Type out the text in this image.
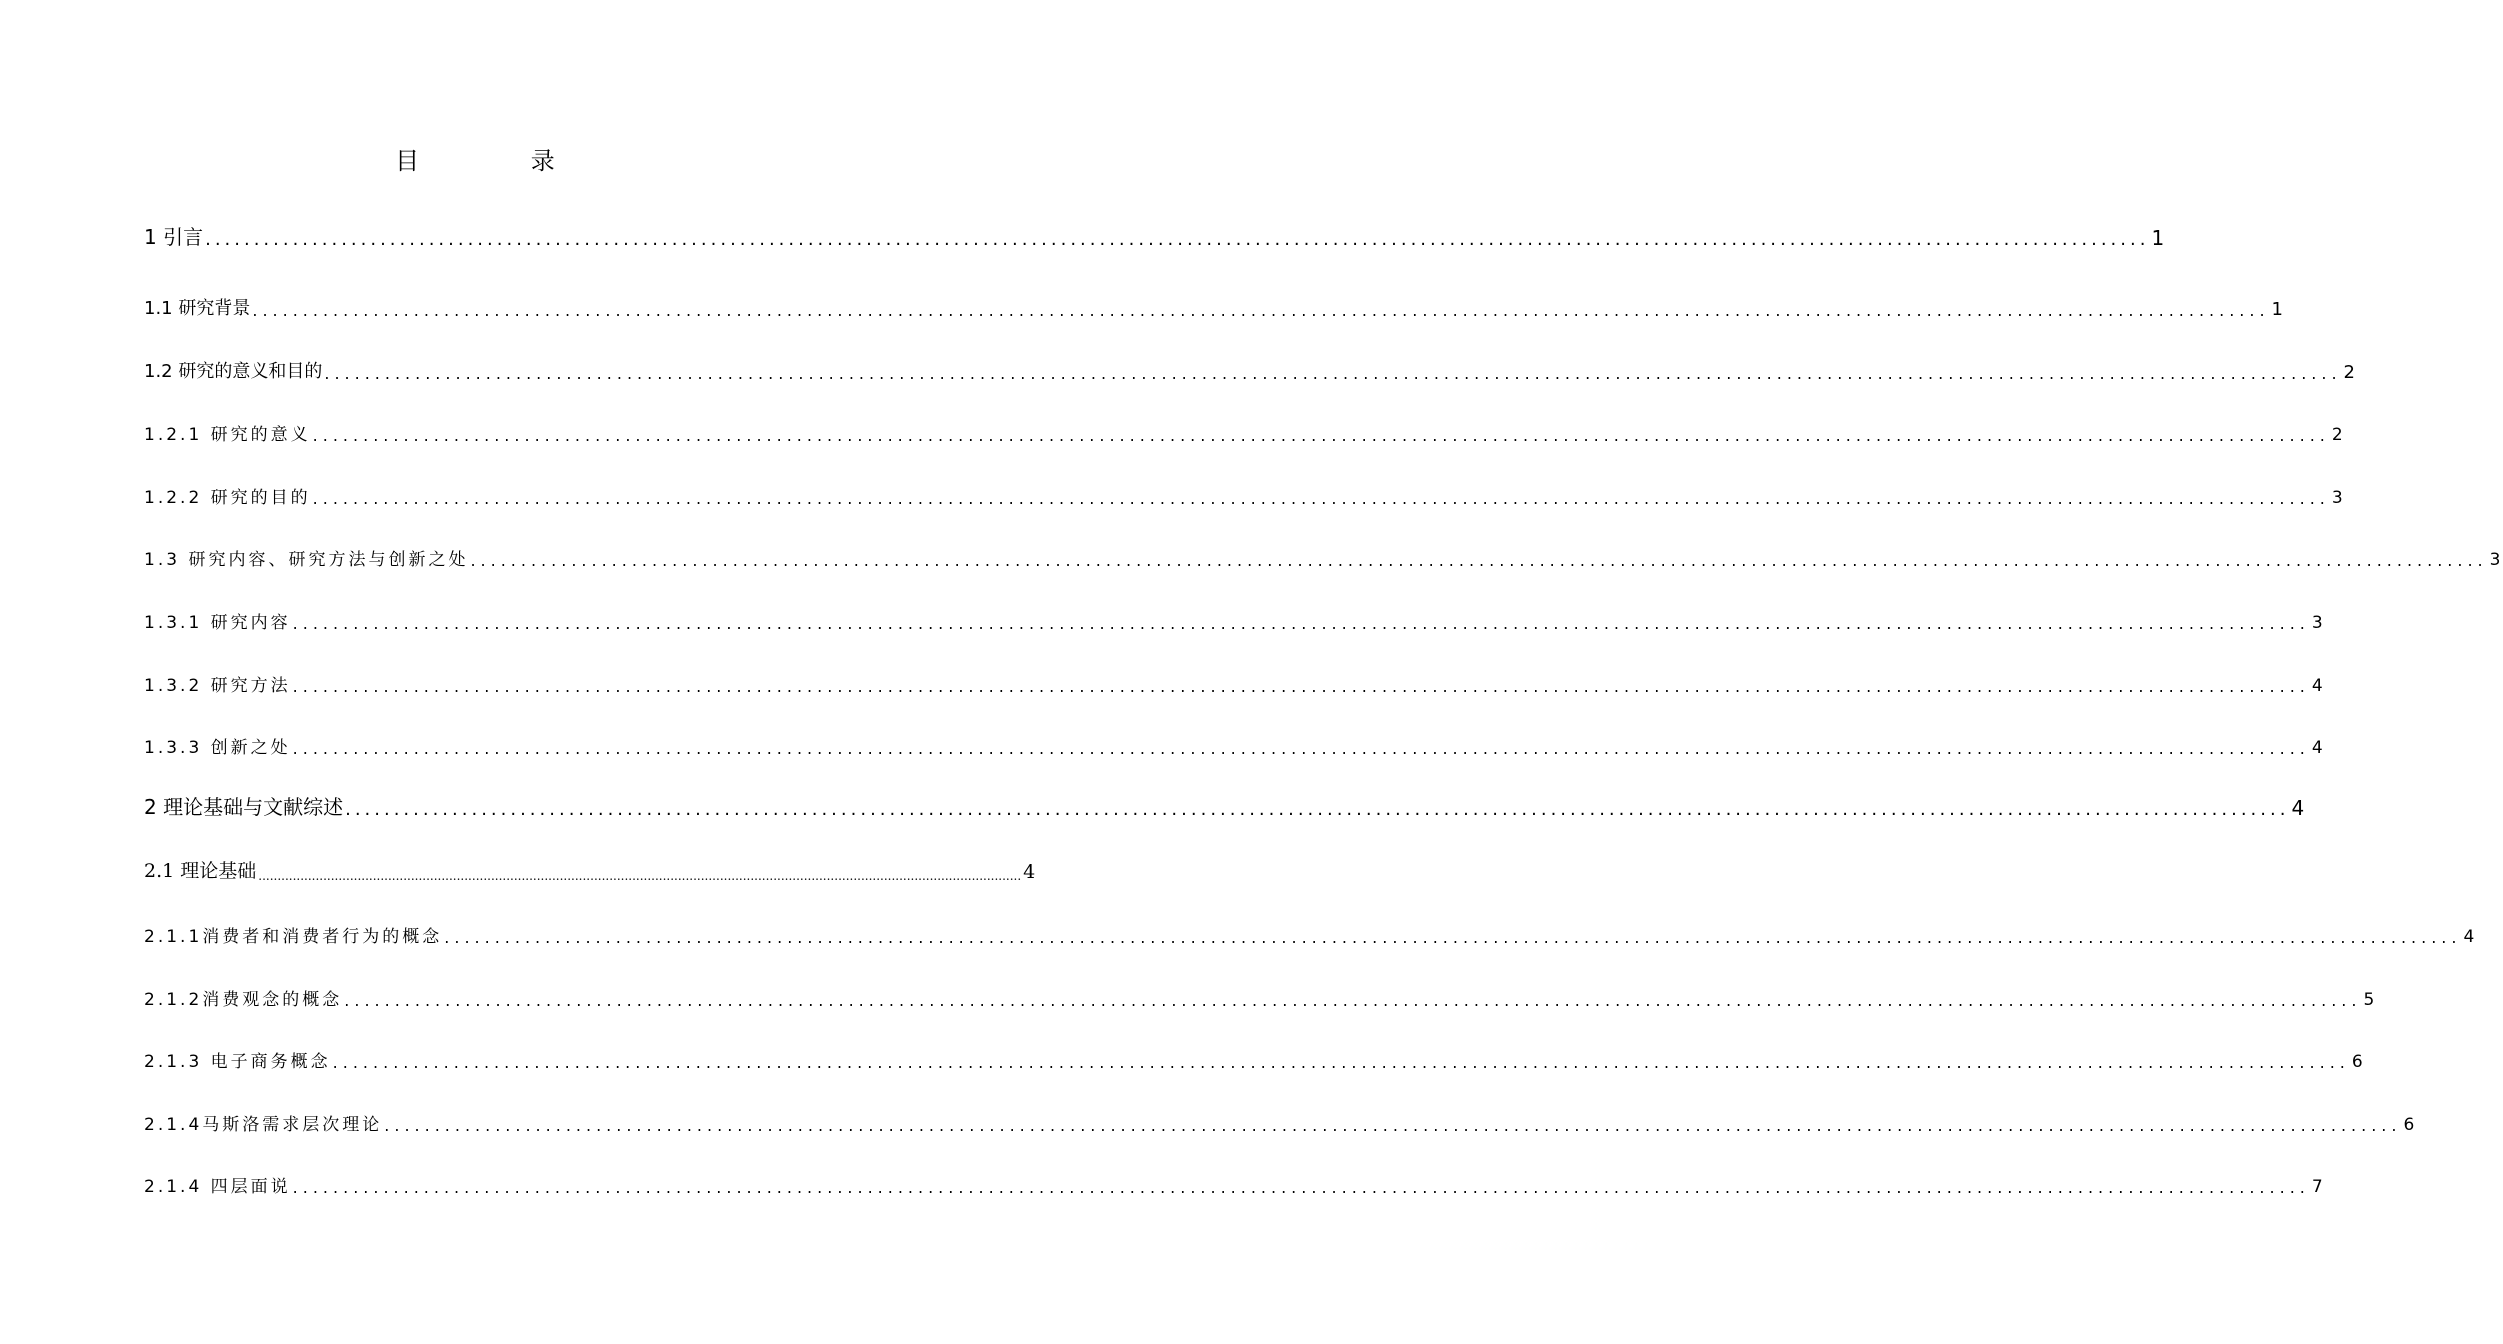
目 录
1 引言 ........................................................................................................................................................................................................ 1
1.1 研究背景 ........................................................................................................................................................................................................ 1
1.2 研究的意义和目的 ........................................................................................................................................................................................................ 2
1.2.1 研究的意义 ........................................................................................................................................................................................................ 2
1.2.2 研究的目的 ........................................................................................................................................................................................................ 3
1.3 研究内容、研究方法与创新之处 ........................................................................................................................................................................................................ 3
1.3.1 研究内容 ........................................................................................................................................................................................................ 3
1.3.2 研究方法 ........................................................................................................................................................................................................ 4
1.3.3 创新之处 ........................................................................................................................................................................................................ 4
2 理论基础与文献综述 ........................................................................................................................................................................................................ 4
2.1 理论基础 ........................................................................................................................................................................................................ 4
2.1.1消费者和消费者行为的概念 ........................................................................................................................................................................................................ 4
2.1.2消费观念的概念 ........................................................................................................................................................................................................ 5
2.1.3 电子商务概念 ........................................................................................................................................................................................................ 6
2.1.4马斯洛需求层次理论 ........................................................................................................................................................................................................ 6
2.1.4 四层面说 ........................................................................................................................................................................................................ 7
